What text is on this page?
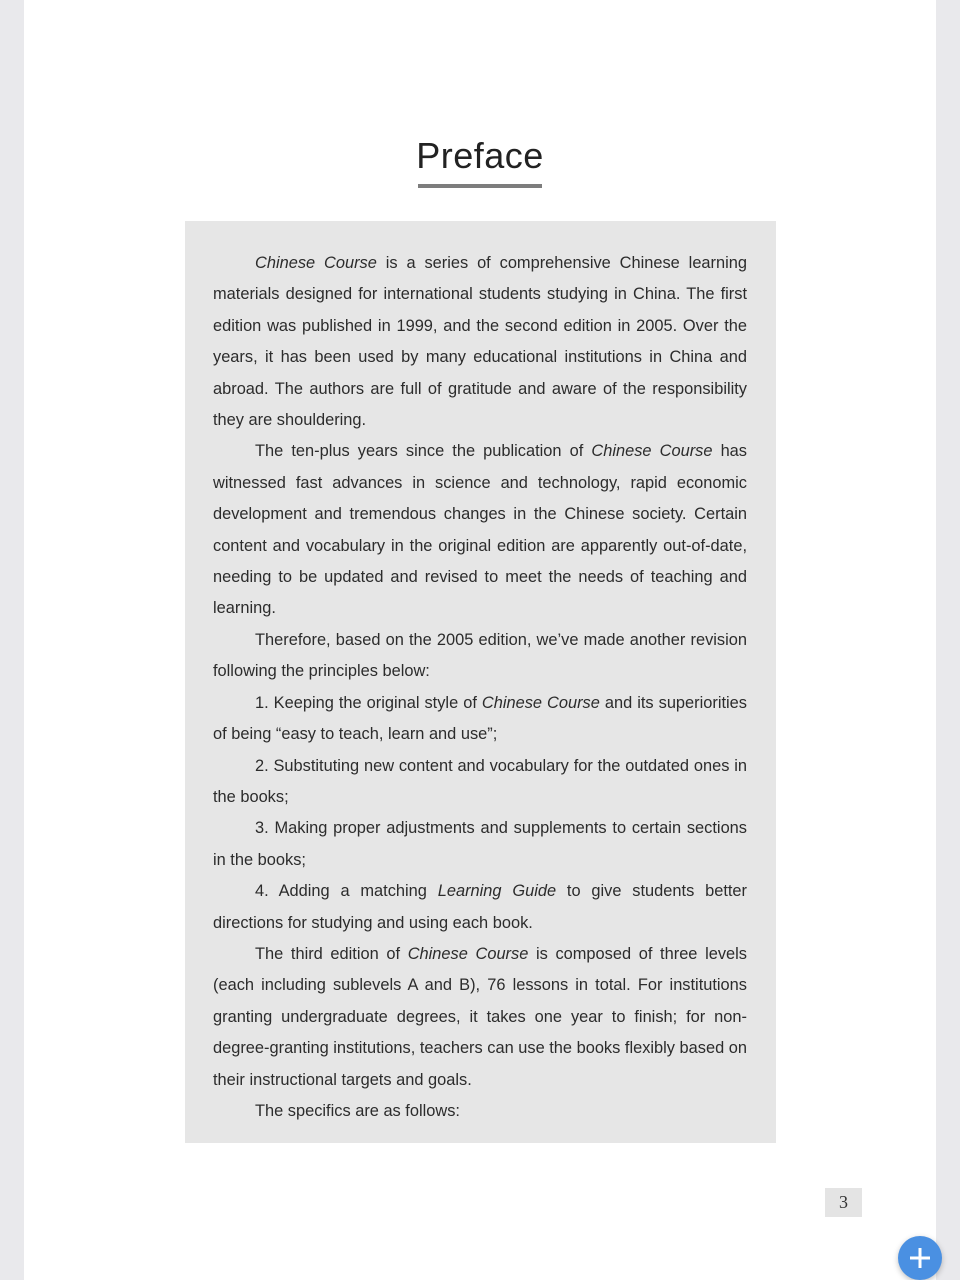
Preface

Chinese Course is a series of comprehensive Chinese learning materials designed for international students studying in China. The first edition was published in 1999, and the second edition in 2005. Over the years, it has been used by many educational institutions in China and abroad. The authors are full of gratitude and aware of the responsibility they are shouldering.

The ten-plus years since the publication of Chinese Course has witnessed fast advances in science and technology, rapid economic development and tremendous changes in the Chinese society. Certain content and vocabulary in the original edition are apparently out-of-date, needing to be updated and revised to meet the needs of teaching and learning.

Therefore, based on the 2005 edition, we’ve made another revision following the principles below:

1. Keeping the original style of Chinese Course and its superiorities of being “easy to teach, learn and use”;

2. Substituting new content and vocabulary for the outdated ones in the books;

3. Making proper adjustments and supplements to certain sections in the books;

4. Adding a matching Learning Guide to give students better directions for studying and using each book.

The third edition of Chinese Course is composed of three levels (each including sublevels A and B), 76 lessons in total. For institutions granting undergraduate degrees, it takes one year to finish; for non-degree-granting institutions, teachers can use the books flexibly based on their instructional targets and goals.

The specifics are as follows:

3
